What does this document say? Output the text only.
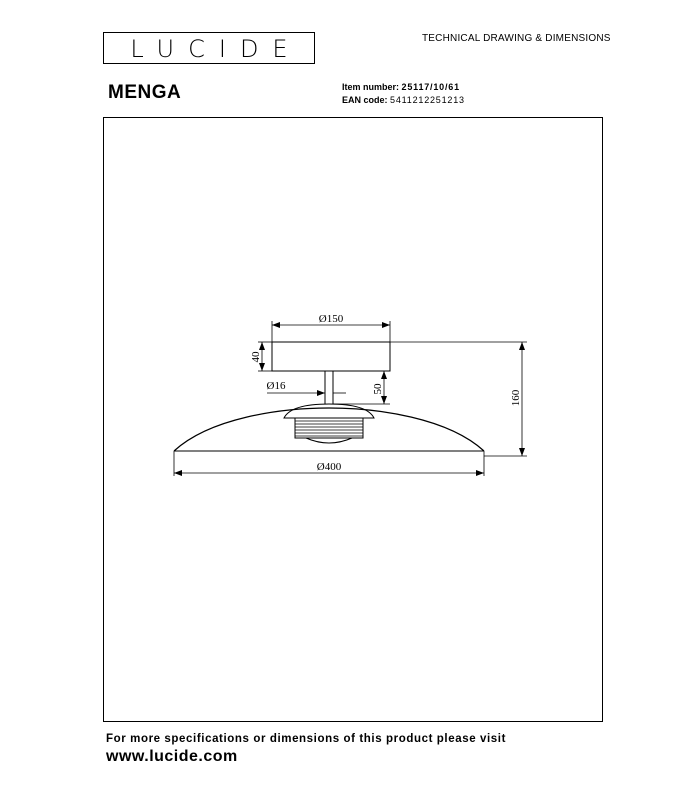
LUCIDE	TECHNICAL DRAWING & DIMENSIONS
MENGA	Item number: 25117/10/61
EAN code: 5411212251213
Ø150
40
Ø16	50
160
Ø400
For more specifications or dimensions of this product please visit
www.lucide.com
